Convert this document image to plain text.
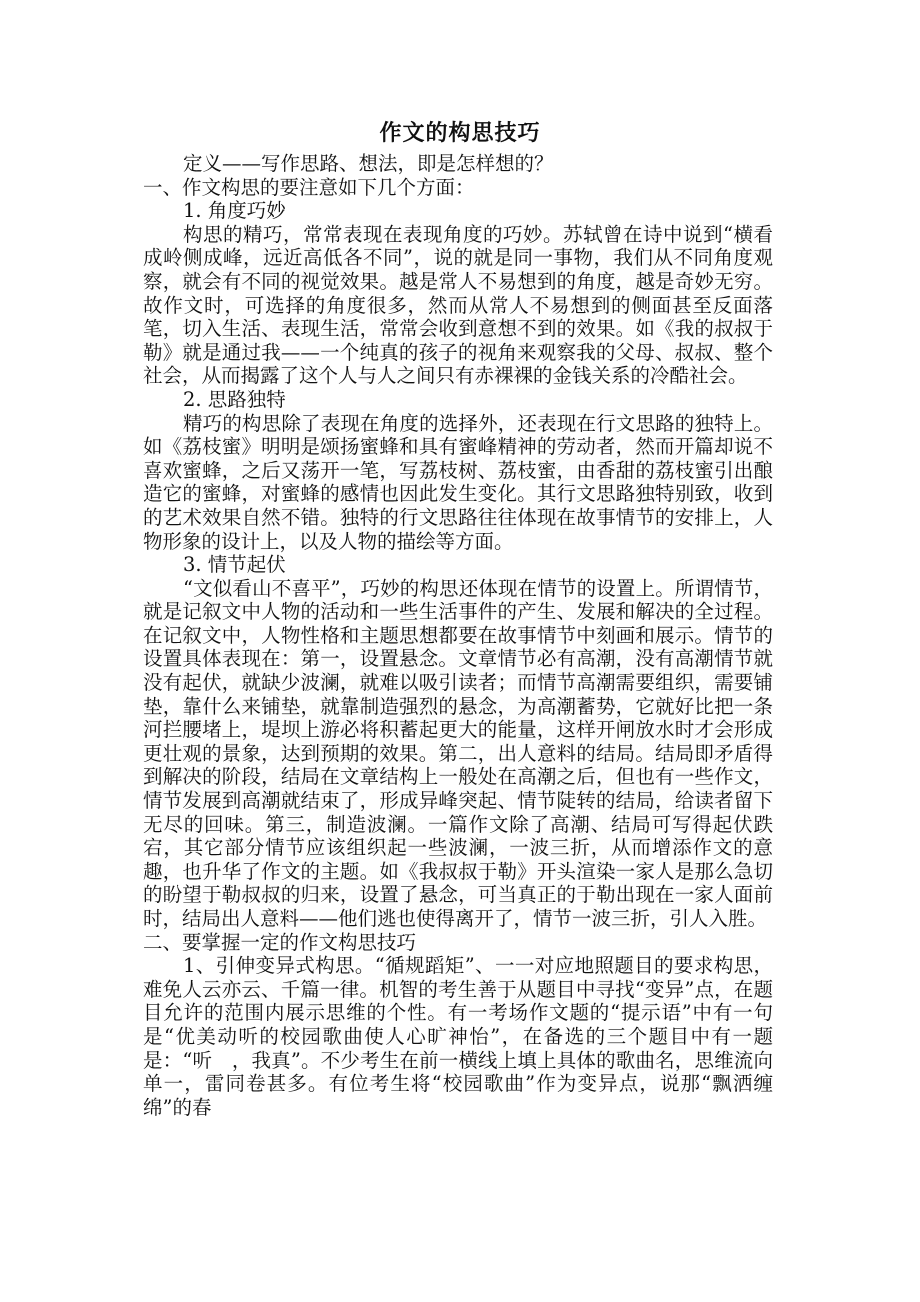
作文的构思技巧

定义——写作思路、想法，即是怎样想的？

一、作文构思的要注意如下几个方面：

1. 角度巧妙

构思的精巧，常常表现在表现角度的巧妙。苏轼曾在诗中说到“横看成岭侧成峰，远近高低各不同”，说的就是同一事物，我们从不同角度观察，就会有不同的视觉效果。越是常人不易想到的角度，越是奇妙无穷。故作文时，可选择的角度很多，然而从常人不易想到的侧面甚至反面落笔，切入生活、表现生活，常常会收到意想不到的效果。如《我的叔叔于勒》就是通过我——一个纯真的孩子的视角来观察我的父母、叔叔、整个社会，从而揭露了这个人与人之间只有赤裸裸的金钱关系的冷酷社会。

2. 思路独特

精巧的构思除了表现在角度的选择外，还表现在行文思路的独特上。如《荔枝蜜》明明是颂扬蜜蜂和具有蜜峰精神的劳动者，然而开篇却说不喜欢蜜蜂，之后又荡开一笔，写荔枝树、荔枝蜜，由香甜的荔枝蜜引出酿造它的蜜蜂，对蜜蜂的感情也因此发生变化。其行文思路独特别致，收到的艺术效果自然不错。独特的行文思路往往体现在故事情节的安排上，人物形象的设计上，以及人物的描绘等方面。

3. 情节起伏

“文似看山不喜平”，巧妙的构思还体现在情节的设置上。所谓情节，就是记叙文中人物的活动和一些生活事件的产生、发展和解决的全过程。在记叙文中，人物性格和主题思想都要在故事情节中刻画和展示。情节的设置具体表现在：第一，设置悬念。文章情节必有高潮，没有高潮情节就没有起伏，就缺少波澜，就难以吸引读者；而情节高潮需要组织，需要铺垫，靠什么来铺垫，就靠制造强烈的悬念，为高潮蓄势，它就好比把一条河拦腰堵上，堤坝上游必将积蓄起更大的能量，这样开闸放水时才会形成更壮观的景象，达到预期的效果。第二，出人意料的结局。结局即矛盾得到解决的阶段，结局在文章结构上一般处在高潮之后，但也有一些作文，情节发展到高潮就结束了，形成异峰突起、情节陡转的结局，给读者留下无尽的回味。第三，制造波澜。一篇作文除了高潮、结局可写得起伏跌宕，其它部分情节应该组织起一些波澜，一波三折，从而增添作文的意趣，也升华了作文的主题。如《我叔叔于勒》开头渲染一家人是那么急切的盼望于勒叔叔的归来，设置了悬念，可当真正的于勒出现在一家人面前时，结局出人意料——他们逃也使得离开了，情节一波三折，引人入胜。

二、要掌握一定的作文构思技巧

1、引伸变异式构思。“循规蹈矩”、一一对应地照题目的要求构思，难免人云亦云、千篇一律。机智的考生善于从题目中寻找“变异”点，在题目允许的范围内展示思维的个性。有一考场作文题的“提示语”中有一句是“优美动听的校园歌曲使人心旷神怡”，在备选的三个题目中有一题是：“听　，我真”。不少考生在前一横线上填上具体的歌曲名，思维流向单一，雷同卷甚多。有位考生将“校园歌曲”作为变异点，说那“飘洒缠绵”的春
